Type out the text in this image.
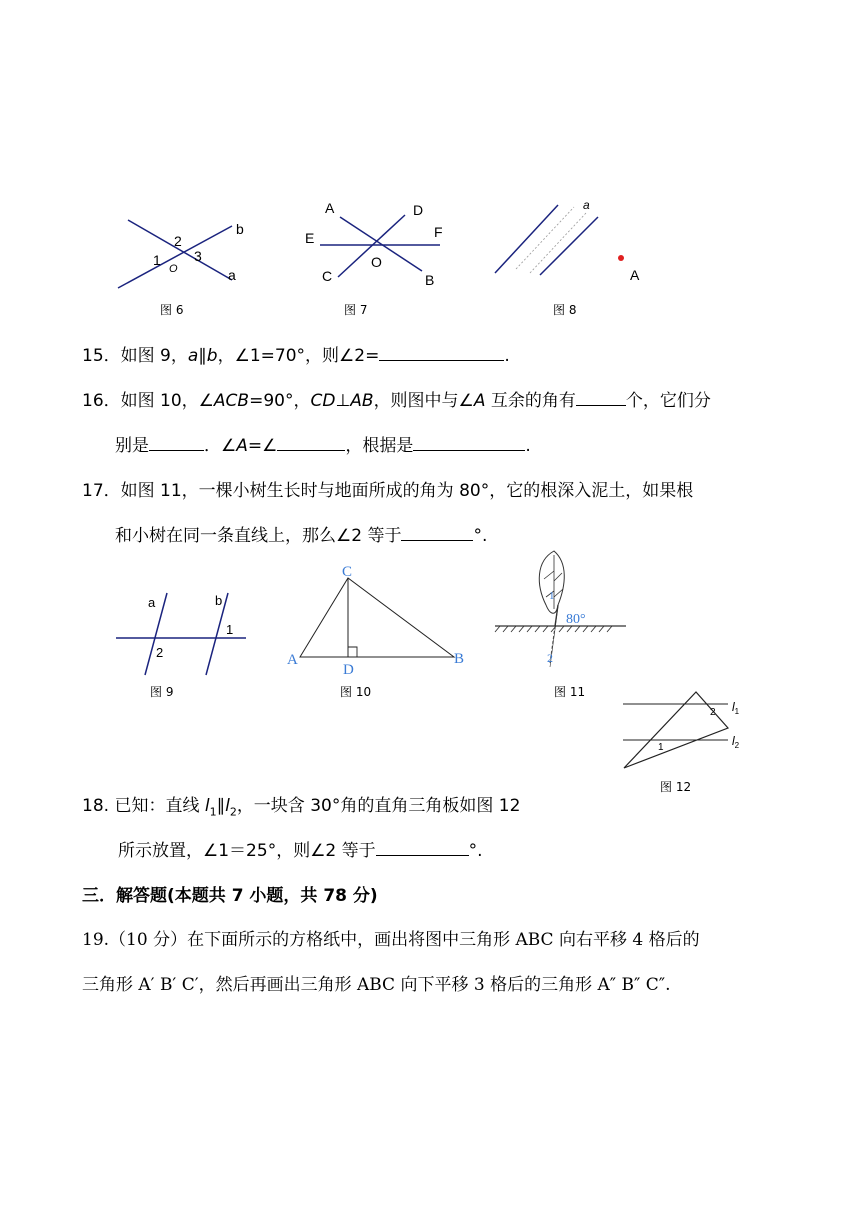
b
a
2
1 3
O
图 6
A	D
E	F
C
O
B
图 7
a
A
图 8
15．如图 9，a∥b，∠1=70°，则∠2=	.
16．如图 10，∠ACB=90°，CD⊥AB，则图中与∠A 互余的角有	个，它们分
别是	．∠A=∠	，根据是	.
17．如图 11，一棵小树生长时与地面所成的角为 80°，它的根深入泥土，如果根
和小树在同一条直线上，那么∠2 等于	°.
a	b
1
2
图 9
C
A
D
B
图 10
1
80°
2
图 11
2
1
$l_1$
$l_2$
图 12
18. 已知：直线 $l_1\parallel l_2$，一块含 30°角的直角三角板如图 12
所示放置，∠1＝25°，则∠2 等于	°.
三．解答题(本题共 7 小题，共 78 分)
19.（10 分）在下面所示的方格纸中，画出将图中三角形 ABC 向右平移 4 格后的
三角形 A′ B′ C′，然后再画出三角形 ABC 向下平移 3 格后的三角形 A″ B″ C″.
